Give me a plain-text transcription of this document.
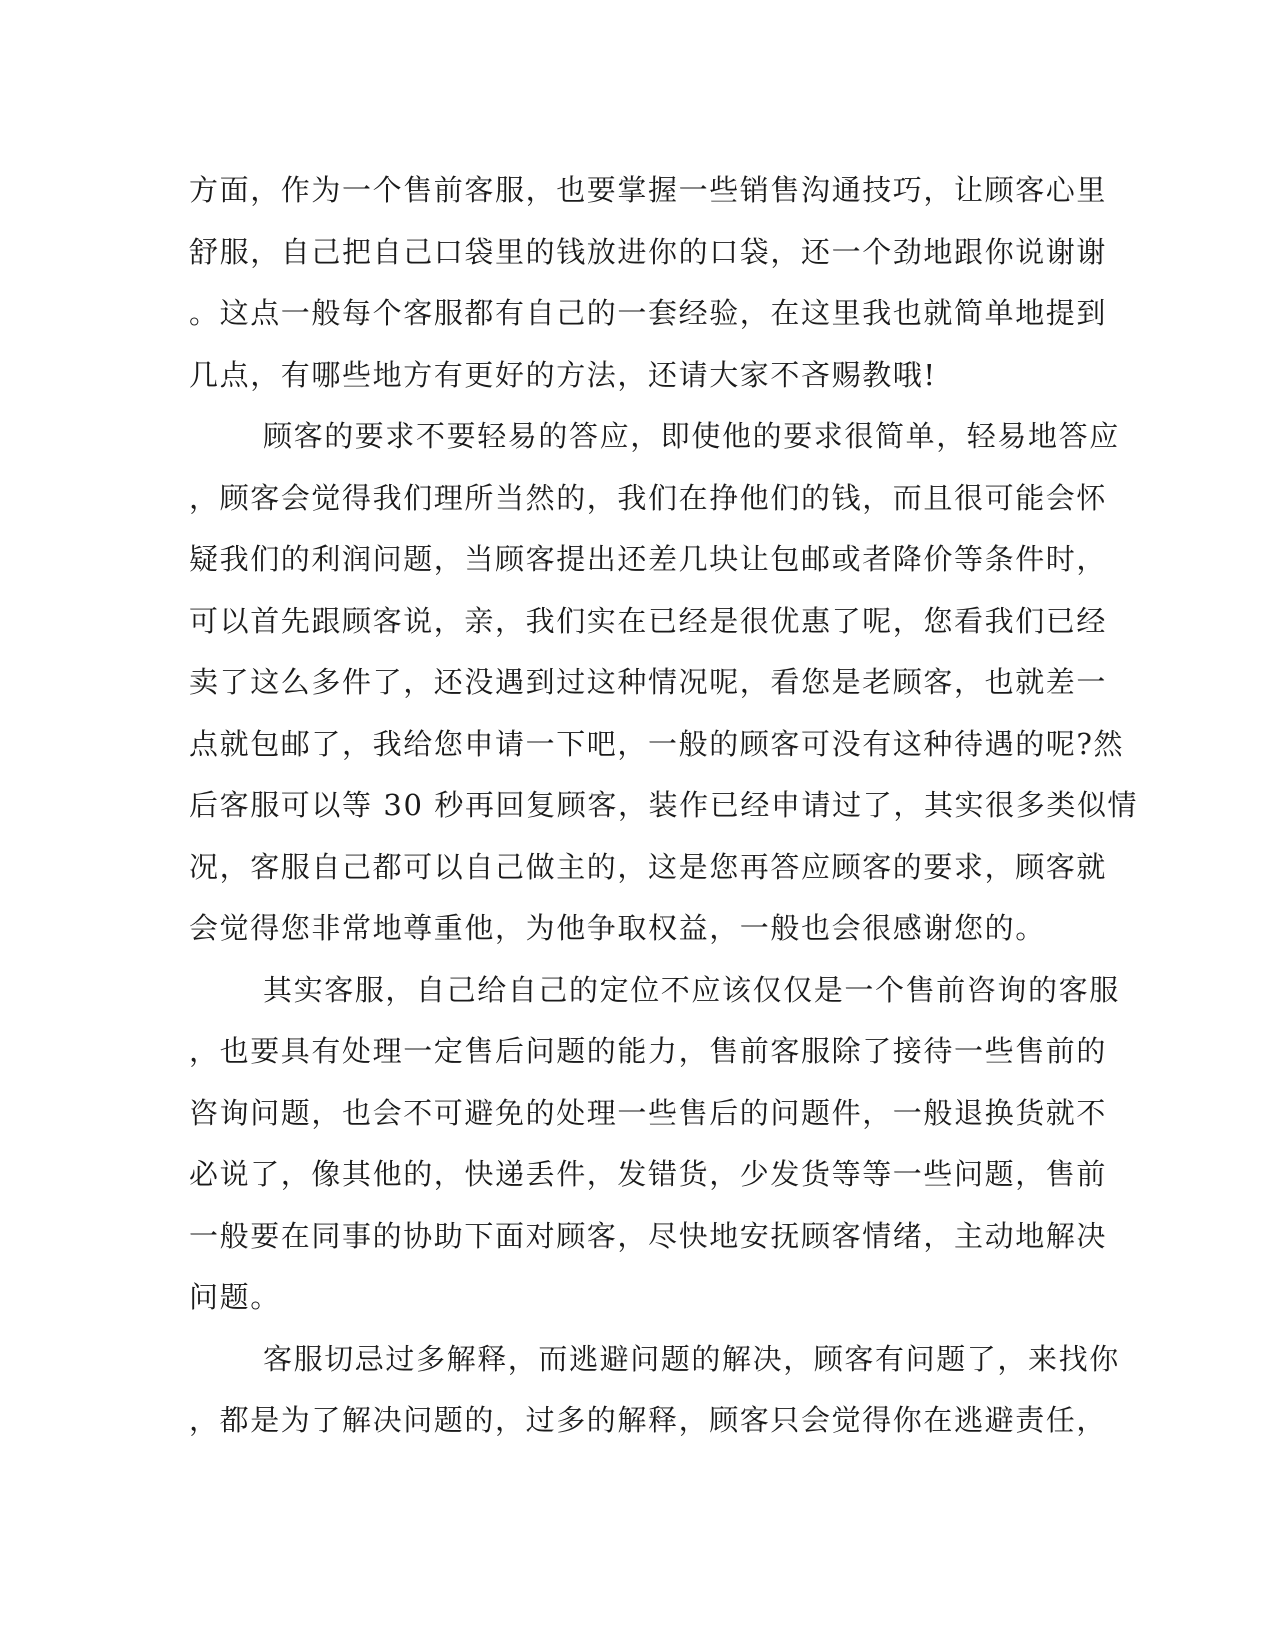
方面，作为一个售前客服，也要掌握一些销售沟通技巧，让顾客心里
舒服，自己把自己口袋里的钱放进你的口袋，还一个劲地跟你说谢谢
。这点一般每个客服都有自己的一套经验，在这里我也就简单地提到
几点，有哪些地方有更好的方法，还请大家不吝赐教哦!
顾客的要求不要轻易的答应，即使他的要求很简单，轻易地答应
，顾客会觉得我们理所当然的，我们在挣他们的钱，而且很可能会怀
疑我们的利润问题，当顾客提出还差几块让包邮或者降价等条件时，
可以首先跟顾客说，亲，我们实在已经是很优惠了呢，您看我们已经
卖了这么多件了，还没遇到过这种情况呢，看您是老顾客，也就差一
点就包邮了，我给您申请一下吧，一般的顾客可没有这种待遇的呢?然
后客服可以等 30 秒再回复顾客，装作已经申请过了，其实很多类似情
况，客服自己都可以自己做主的，这是您再答应顾客的要求，顾客就
会觉得您非常地尊重他，为他争取权益，一般也会很感谢您的。
其实客服，自己给自己的定位不应该仅仅是一个售前咨询的客服
，也要具有处理一定售后问题的能力，售前客服除了接待一些售前的
咨询问题，也会不可避免的处理一些售后的问题件，一般退换货就不
必说了，像其他的，快递丢件，发错货，少发货等等一些问题，售前
一般要在同事的协助下面对顾客，尽快地安抚顾客情绪，主动地解决
问题。
客服切忌过多解释，而逃避问题的解决，顾客有问题了，来找你
，都是为了解决问题的，过多的解释，顾客只会觉得你在逃避责任，
